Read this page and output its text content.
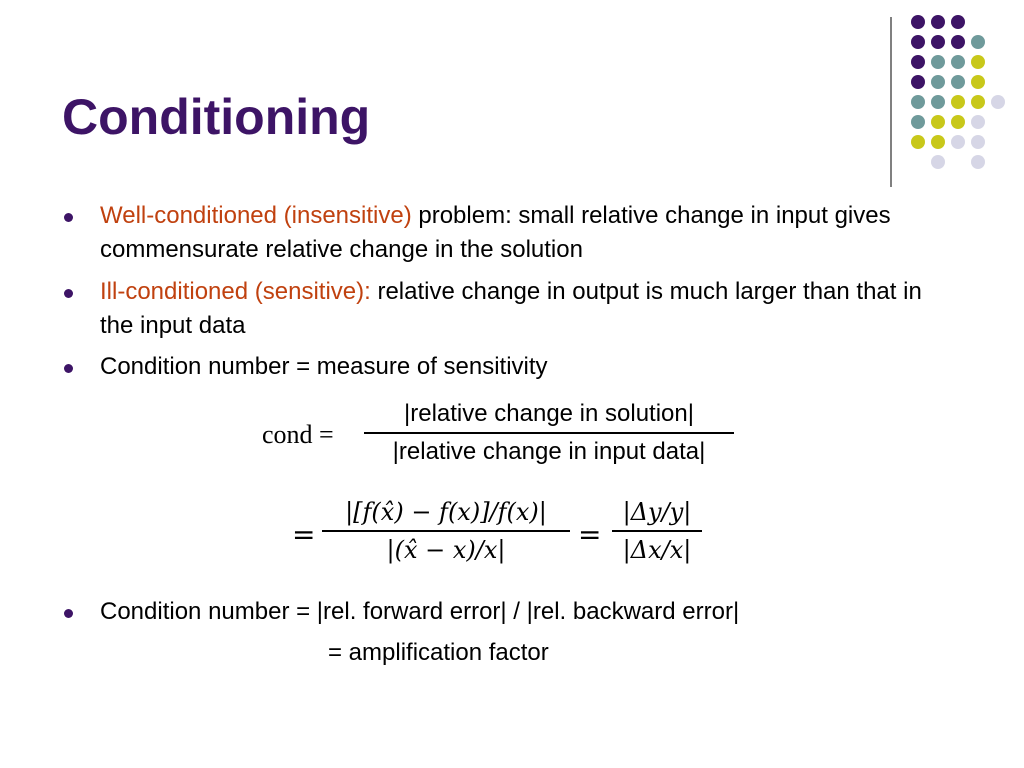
Conditioning
Well-conditioned (insensitive) problem: small relative change in input gives commensurate relative change in the solution
Ill-conditioned (sensitive): relative change in output is much larger than that in the input data
Condition number = measure of sensitivity
Condition number = |rel. forward error| / |rel. backward error|
= amplification factor
cond =
|relative change in solution|
|relative change in input data|
=
|[f(x̂) − f(x)]/f(x)|
|(x̂ − x)/x|	=
|Δy/y|
|Δx/x|
